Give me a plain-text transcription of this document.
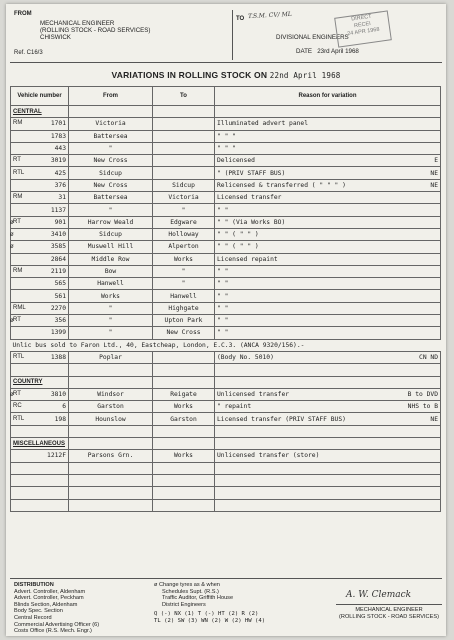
FROM
MECHANICAL ENGINEER
(ROLLING STOCK - ROAD SERVICES)
CHISWICK
Ref. C16/3
TO T.S.M. CV/ ML
DIVISIONAL ENGINEERS
DATE 23rd April 1968
DIRECT
RECEI
24 APR 1968
VARIATIONS IN ROLLING STOCK ON 22nd April 1968
Vehicle number	From	To	Reason for variation
CENTRAL			

RM 1701	Victoria		Illuminated advert panel

1783	Battersea		" " "

443	"		" " "

RT 3019	New Cross		Delicensed E

RTL 425	Sidcup		" (PRIV STAFF BUS) NE

376	New Cross	Sidcup	Relicensed & transferred ( " " " ) NE

RM 31	Battersea	Victoria	Licensed transfer

1137	"	"	" "

ø RT 901	Harrow Weald	Edgware	" " (Via Works BO)

ø 3410	Sidcup	Holloway	" " ( " " )

ø 3585	Muswell Hill	Alperton	" " ( " " )

2864	Middle Row	Works	Licensed repaint

RM 2119	Bow	"	" "

565	Hanwell	"	" "

561	Works	Hanwell	" "

RML 2270	"	Highgate	" "

ø RT 356	"	Upton Park	" "

1399	"	New Cross	" "

Unlic bus sold to Faron Ltd., 40, Eastcheap, London, E.C.3. (ANCA 9320/156).-			

RTL 1388	Poplar		(Body No. 5010) CN ND

COUNTRY			

ø RT 3810	Windsor	Reigate	Unlicensed transfer B to DVD

RC 6	Garston	Works	" repaint NHS to B

RTL 198	Hounslow	Garston	Licensed transfer (PRIV STAFF BUS) NE

MISCELLANEOUS			

1212F	Parsons Grn.	Works	Unlicensed transfer (store)

DISTRIBUTION
Advert. Controller, Aldenham
Advert. Controller, Peckham
Blinds Section, Aldenham
Body Spec. Section
Central Record
Commercial Advertising Officer (6)
Costs Office (R.S. Mech. Engr.)
ø Change tyres as & when
Schedules Supt. (R.S.)
Traffic Auditor, Griffith House
District Engineers
Q (-) NX (1) T (-) HT (2) R (2)
TL (2) SW (3) WN (2) W (2) HW (4)
A. W. Clemack
MECHANICAL ENGINEER
(ROLLING STOCK - ROAD SERVICES)
